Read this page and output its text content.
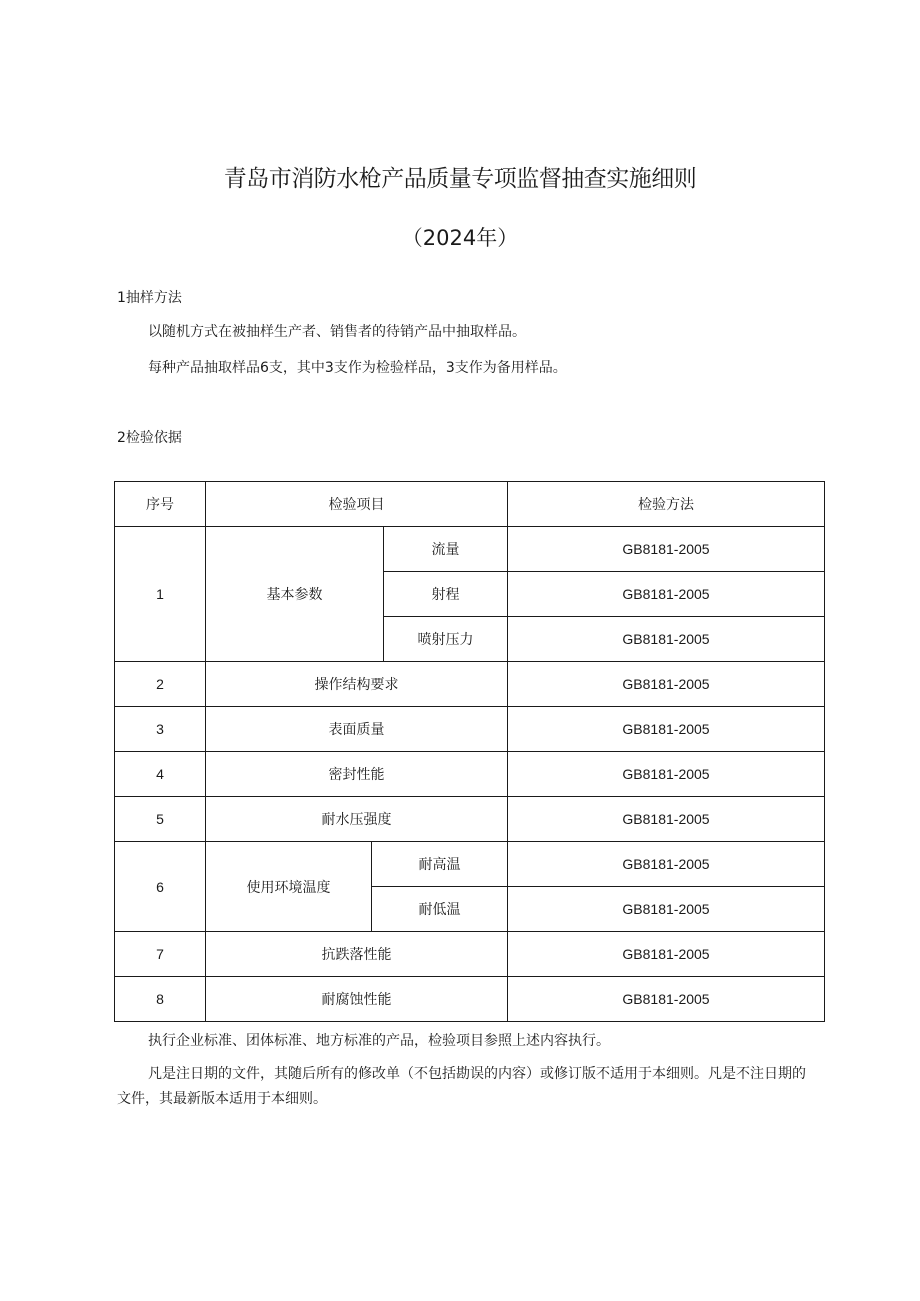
青岛市消防水枪产品质量专项监督抽查实施细则
（2024年）
1抽样方法
以随机方式在被抽样生产者、销售者的待销产品中抽取样品。
每种产品抽取样品6支，其中3支作为检验样品，3支作为备用样品。
2检验依据
序号	检验项目			检验方法
1	基本参数		流量	GB8181-2005
			射程	GB8181-2005
			喷射压力	GB8181-2005
2	操作结构要求			GB8181-2005
3	表面质量			GB8181-2005
4	密封性能			GB8181-2005
5	耐水压强度			GB8181-2005
6	使用环境温度	耐高温		GB8181-2005
		耐低温		GB8181-2005
7	抗跌落性能			GB8181-2005
8	耐腐蚀性能			GB8181-2005
执行企业标准、团体标准、地方标准的产品，检验项目参照上述内容执行。
凡是注日期的文件，其随后所有的修改单（不包括勘误的内容）或修订版不适用于本细则。凡是不注日期的文件，其最新版本适用于本细则。
